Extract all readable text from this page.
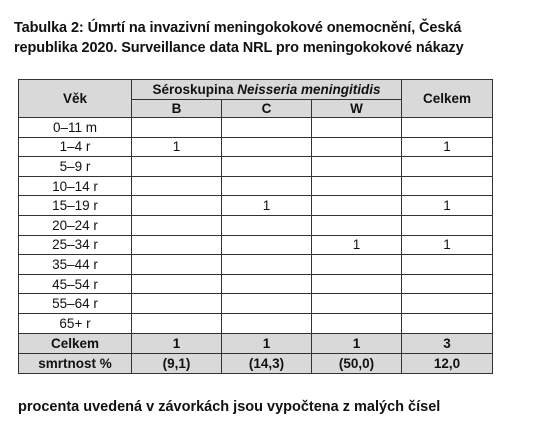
Tabulka 2: Úmrtí na invazivní meningokokové onemocnění, Česká
republika 2020. Surveillance data NRL pro meningokokové nákazy
Věk	Séroskupina Neisseria meningitidis			Celkem
	B	C	W	
0–11 m				
1–4 r	1			1
5–9 r				
10–14 r				
15–19 r		1		1
20–24 r				
25–34 r			1	1
35–44 r				
45–54 r				
55–64 r				
65+ r				
Celkem	1	1	1	3
smrtnost %	(9,1)	(14,3)	(50,0)	12,0
procenta uvedená v závorkách jsou vypočtena z malých čísel
